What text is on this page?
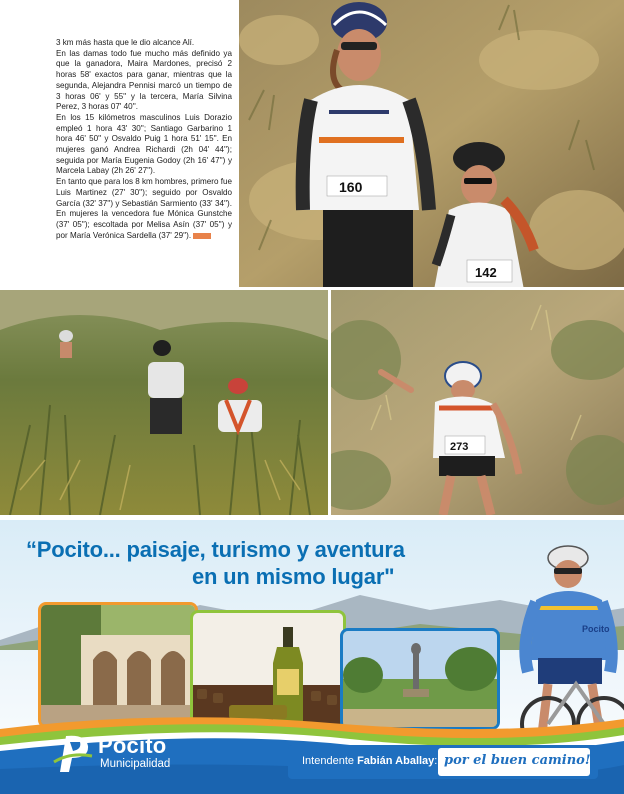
3 km más hasta que le dio alcance Alí.

En las damas todo fue mucho más definido ya que la ganadora, Maira Mardones, precisó 2 horas 58' exactos para ganar, mientras que la segunda, Alejandra Pennisi marcó un tiempo de 3 horas 06' y 55'' y la tercera, María Silvina Perez, 3 horas 07' 40''.

En los 15 kilómetros masculinos Luis Dorazio empleó 1 hora 43' 30''; Santiago Garbarino 1 hora 46' 50'' y Osvaldo Puig 1 hora 51' 15''. En mujeres ganó Andrea Richardi (2h 04' 44''); seguida por María Eugenia Godoy (2h 16' 47'') y Marcela Labay (2h 26' 27'').

En tanto que para los 8 km hombres, primero fue Luis Martinez (27' 30''); seguido por Osvaldo García (32' 37'') y Sebastián Sarmiento (33' 34''). En mujeres la vencedora fue Mónica Gunstche (37' 05''); escoltada por Melisa Asín (37' 05'') y por María Verónica Sardella (37' 29'').

160
142
273
“Pocito... paisaje, turismo y aventura
en un mismo lugar"
Pocito
Pocito
Municipalidad	Intendente Fabián Aballay: por el buen camino!
